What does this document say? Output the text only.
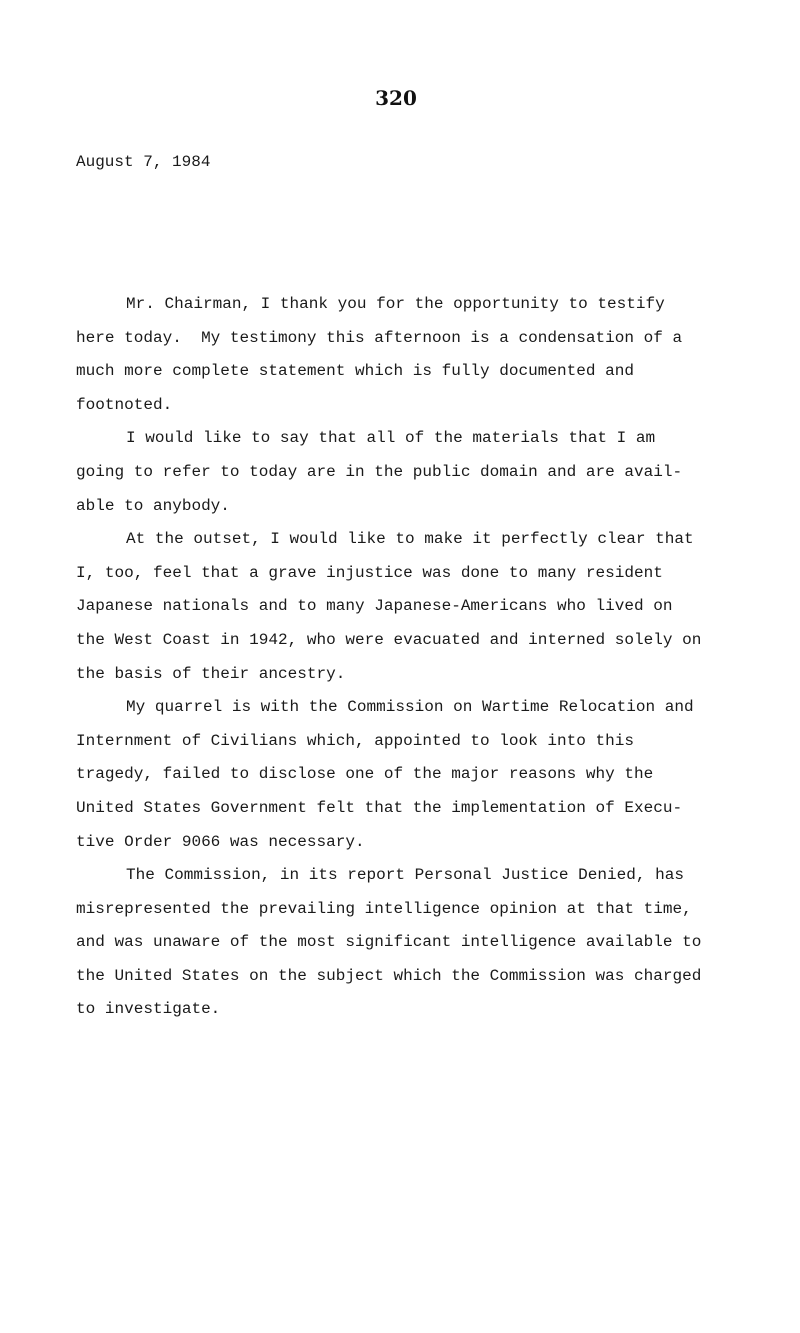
320
August 7, 1984
Mr. Chairman, I thank you for the opportunity to testify
here today.  My testimony this afternoon is a condensation of a
much more complete statement which is fully documented and
footnoted.
I would like to say that all of the materials that I am
going to refer to today are in the public domain and are avail-
able to anybody.
At the outset, I would like to make it perfectly clear that
I, too, feel that a grave injustice was done to many resident
Japanese nationals and to many Japanese-Americans who lived on
the West Coast in 1942, who were evacuated and interned solely on
the basis of their ancestry.
My quarrel is with the Commission on Wartime Relocation and
Internment of Civilians which, appointed to look into this
tragedy, failed to disclose one of the major reasons why the
United States Government felt that the implementation of Execu-
tive Order 9066 was necessary.
The Commission, in its report Personal Justice Denied, has
misrepresented the prevailing intelligence opinion at that time,
and was unaware of the most significant intelligence available to
the United States on the subject which the Commission was charged
to investigate.
